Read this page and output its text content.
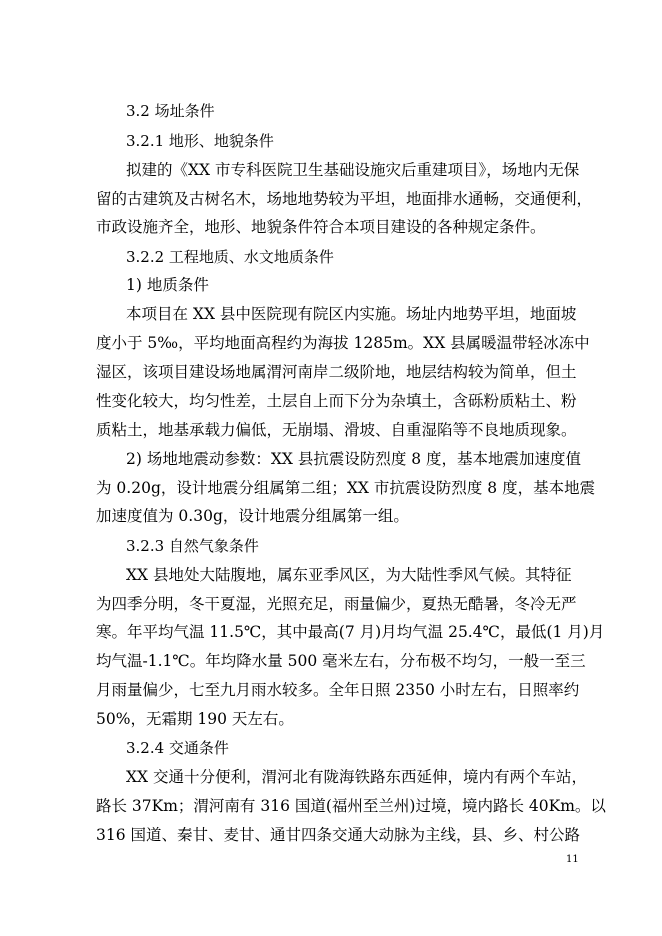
3.2 场址条件
3.2.1 地形、地貌条件
拟建的《XX 市专科医院卫生基础设施灾后重建项目》，场地内无保
留的古建筑及古树名木，场地地势较为平坦，地面排水通畅，交通便利，
市政设施齐全，地形、地貌条件符合本项目建设的各种规定条件。
3.2.2 工程地质、水文地质条件
1) 地质条件
本项目在 XX 县中医院现有院区内实施。场址内地势平坦，地面坡
度小于 5‰，平均地面高程约为海拔 1285m。XX 县属暖温带轻冰冻中
湿区，该项目建设场地属渭河南岸二级阶地，地层结构较为简单，但土
性变化较大，均匀性差，土层自上而下分为杂填土，含砾粉质粘土、粉
质粘土，地基承载力偏低，无崩塌、滑坡、自重湿陷等不良地质现象。
2) 场地地震动参数：XX 县抗震设防烈度 8 度，基本地震加速度值
为 0.20g，设计地震分组属第二组；XX 市抗震设防烈度 8 度，基本地震
加速度值为 0.30g，设计地震分组属第一组。
3.2.3 自然气象条件
XX 县地处大陆腹地，属东亚季风区，为大陆性季风气候。其特征
为四季分明，冬干夏湿，光照充足，雨量偏少，夏热无酷暑，冬冷无严
寒。年平均气温 11.5℃，其中最高(7 月)月均气温 25.4℃，最低(1 月)月
均气温-1.1℃。年均降水量 500 毫米左右，分布极不均匀，一般一至三
月雨量偏少，七至九月雨水较多。全年日照 2350 小时左右，日照率约
50%，无霜期 190 天左右。
3.2.4 交通条件
XX 交通十分便利，渭河北有陇海铁路东西延伸，境内有两个车站，
路长 37Km；渭河南有 316 国道(福州至兰州)过境，境内路长 40Km。以
316 国道、秦甘、麦甘、通甘四条交通大动脉为主线，县、乡、村公路
11
